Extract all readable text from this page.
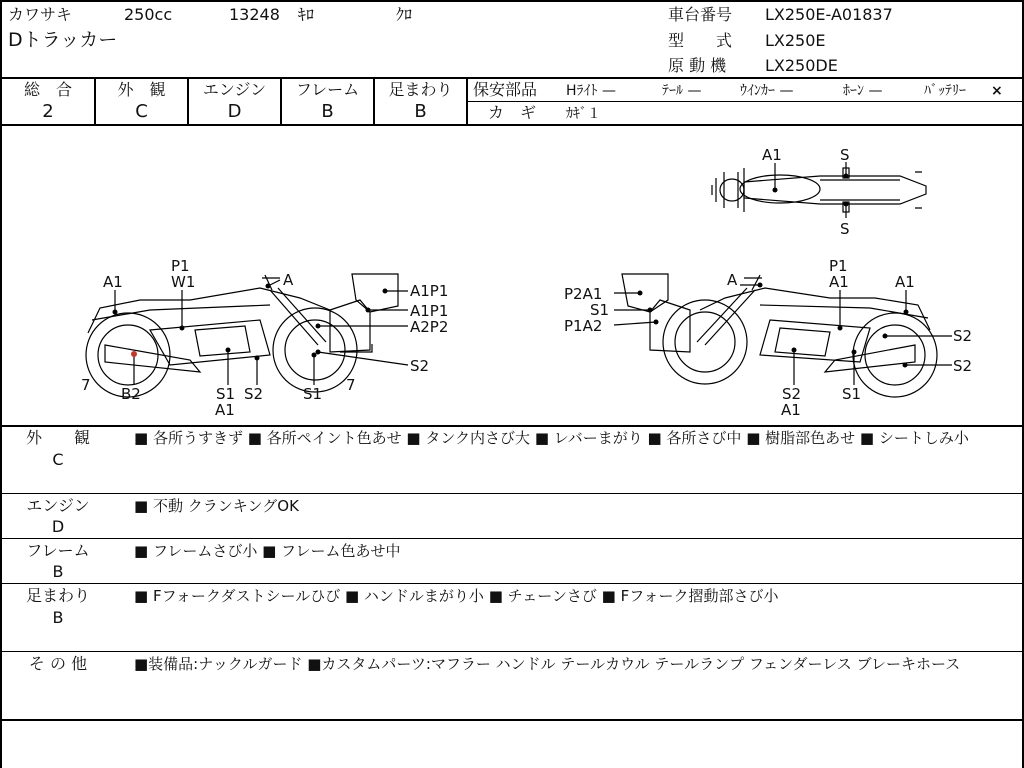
カワサキ	250cc	13248 ｷﾛ	ｸﾛ
Dトラッカー
車台番号 LX250E-A01837
型　　式 LX250E
原 動 機 LX250DE
総　合
2
外　観
C
エンジン
D
フレーム
B
足まわり
B
保安部品 Hﾗｲﾄ —	ﾃｰﾙ —	ｳｲﾝｶｰ —	ﾎｰﾝ —	ﾊﾞｯﾃﾘｰ ×
カ　ギ ｶｷﾞ１
A1	S
S
A1
P1
W1	A
A1P1
A1P1
A2P2
S2
7 B2	S1 S2	S1 7
A1
P2A1
S1
P1A2
A
P1
A1	A1
S2
S2
S2	S1
A1
外　　観
C
■ 各所うすきず ■ 各所ペイント色あせ ■ タンク内さび大 ■ レバーまがり ■ 各所さび中 ■ 樹脂部色あせ ■ シートしみ小
エンジン
D
■ 不動 クランキングOK
フレーム
B
■ フレームさび小 ■ フレーム色あせ中
足まわり
B
■ Fフォークダストシールひび ■ ハンドルまがり小 ■ チェーンさび ■ Fフォーク摺動部さび小
そ の 他	■装備品:ナックルガード ■カスタムパーツ:マフラー ハンドル テールカウル テールランプ フェンダーレス ブレーキホース
